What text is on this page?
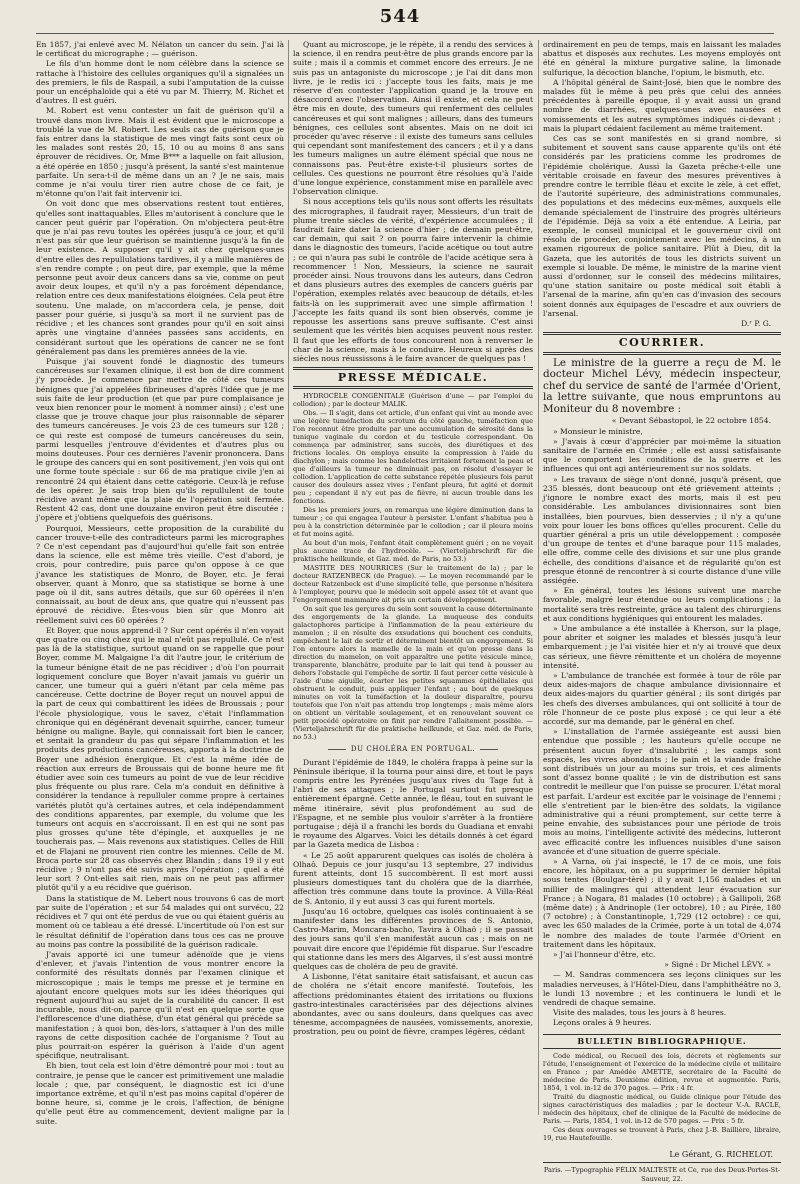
544

En 1857, j'ai enlevé avec M. Nélaton un cancer du sein. J'ai là le certificat du micrographe ; — guérison.

Le fils d'un homme dont le nom célèbre dans la science se rattache à l'histoire des cellules organiques qu'il a signalées un des premiers, le fils de Raspail, a subi l'amputation de la cuisse pour un encéphaloïde qui a été vu par M. Thierry, M. Richet et d'autres. Il est guéri.

M. Robert est venu contester un fait de guérison qu'il a trouvé dans mon livre. Mais il est évident que le microscope a troublé la vue de M. Robert. Les seuls cas de guérison que je fais entrer dans la statistique de mes vingt faits sont ceux où les malades sont restés 20, 15, 10 ou au moins 8 ans sans éprouver de récidives. Or, Mme B*** a laquelle on fait allusion, a été opérée en 1850 ; jusqu'à présent, la santé s'est maintenue parfaite. Un sera-t-il de même dans un an ? Je ne sais, mais comme je n'ai voulu tirer rien autre chose de ce fait, je m'étonne qu'on l'ait fait intervenir ici.

On voit donc que mes observations restent tout entières, qu'elles sont inattaquables. Elles m'autorisent à conclure que le cancer peut guérir par l'opération. On m'objectera peut-être que je n'ai pas revu toutes les opérées jusqu'à ce jour, et qu'il n'est pas sûr que leur guérison se maintienne jusqu'à la fin de leur existence. A supposer qu'il y ait chez quelques-unes d'entre elles des repullulations tardives, il y a mille manières de s'en rendre compte ; on peut dire, par exemple, que la même personne peut avoir deux cancers dans sa vie, comme on peut avoir deux loupes, et qu'il n'y a pas forcément dépendance, relation entre ces deux manifestations éloignées. Cela peut être soutenu. Une malade, on m'accordera cela, je pense, doit passer pour guérie, si jusqu'à sa mort il ne survient pas de récidive ; et les chances sont grandes pour qu'il en soit ainsi après une vingtaine d'années passées sans accidents, en considérant surtout que les opérations de cancer ne se font généralement pas dans les premières années de la vie.

Puisque j'ai souvent fondé le diagnostic des tumeurs cancéreuses sur l'examen clinique, il est bon de dire comment j'y procède. Je commence par mettre de côté ces tumeurs bénignes que j'ai appelées fibrineuses d'après l'idée que je me suis faite de leur production (et que par pure complaisance je veux bien renoncer pour le moment à nommer ainsi) ; c'est une classe que je trouve chaque jour plus raisonnable de séparer des tumeurs cancéreuses. Je vois 23 de ces tumeurs sur 128 ; ce qui reste est composé de tumeurs cancéreuses du sein, parmi lesquelles j'entrouve d'évidentes et d'autres plus ou moins douteuses. Pour ces dernières l'avenir prononcera. Dans le groupe des cancers qui en sont positivement, j'en vois qui ont une forme toute spéciale : sur 66 de ma pratique civile j'en ai rencontré 24 qui étaient dans cette catégorie. Ceux-là je refuse de les opérer. Je sais trop bien qu'ils repullulent de toute récidive avant même que la plaie de l'opération soit fermée. Restent 42 cas, dont une douzaine environ peut être discutée ; j'opère et j'obtiens quelquefois des guérisons.

Pourquoi, Messieurs, cette proposition de la curabilité du cancer trouve-t-elle des contradicteurs parmi les micrographes ? Ce n'est cependant pas d'aujourd'hui qu'elle fait son entrée dans la science, elle est même très vieille. C'est d'abord, je crois, pour contredire, puis parce qu'on oppose à ce que j'avance les statistiques de Monro, de Boyer, etc. Je ferai observer, quant à Monro, que sa statistique se borne à une page où il dit, sans autres détails, que sur 60 opérées il n'en connaissait, au bout de deux ans, que quatre qui n'eussent pas éprouvé de récidive. Êtes-vous bien sûr que Monro ait réellement suivi ces 60 opérées ?

Et Boyer, que nous apprend-il ? Sur cent opérés il n'en voyait que quatre ou cinq chez qui le mal n'eût pas repullulé. Ce n'est pas là de la statistique, surtout quand on se rappelle que pour Boyer, comme M. Malgaigne l'a dit l'autre jour, le critérium de la tumeur bénigne était de ne pas récidiver ; d'où l'on pourrait logiquement conclure que Boyer n'avait jamais vu guérir un cancer, une tumeur qui a guéri n'étant par cela même pas cancéreuse. Cette doctrine de Boyer reçut un nouvel appui de la part de ceux qui combattirent les idées de Broussais ; pour l'école physiologique, vous le savez, c'était l'inflammation chronique qui en dégénérant devenait squirrhe, cancer, tumeur bénigne ou maligne. Bayle, qui connaissait fort bien le cancer, et sentait la grandeur du pas qui sépare l'inflammation et les produits des productions cancéreuses, apporta à la doctrine de Boyer une adhésion énergique. Et c'est la même idée de réaction aux erreurs de Broussais qui de bonne heure me fit étudier avec soin ces tumeurs au point de vue de leur récidive plus fréquente ou plus rare. Cela m'a conduit en définitive à considérer la tendance à repulluler comme propre à certaines variétés plutôt qu'à certaines autres, et cela indépendamment des conditions apparentes, par exemple, du volume que les tumeurs ont acquis en s'accroissant. Il en est qui ne sont pas plus grosses qu'une tête d'épingle, et auxquelles je ne toucherais pas. — Mais revenons aux statistiques. Celles de Hill et de Flajani ne prouvent rien contre les miennes. Celle de M. Broca porte sur 28 cas observés chez Blandin ; dans 19 il y eut récidive ; 9 n'ont pas été suivis après l'opération ; quel a été leur sort ? Ont-elles sait rien, mais on ne peut pas affirmer plutôt qu'il y a eu récidive que guérison.

Dans la statistique de M. Lebert nous trouvons 6 cas de mort par suite de l'opération ; et sur 54 malades qui ont survécu, 22 récidives et 7 qui ont été perdus de vue ou qui étaient guéris au moment où ce tableau a été dressé. L'incertitude où l'on est sur le résultat définitif de l'opération dans tous ces cas ne prouve au moins pas contre la possibilité de la guérison radicale.

J'avais apporté ici une tumeur adénoïde que je viens d'enlever, et j'avais l'intention de vous montrer encore la conformité des résultats donnés par l'examen clinique et microscopique ; mais le temps me presse et je termine en ajoutant encore quelques mots sur les idées théoriques qui régnent aujourd'hui au sujet de la curabilité du cancer. Il est incurable, nous dit-on, parce qu'il n'est en quelque sorte que l'efflorescence d'une diathèse, d'un état général qui précède sa manifestation ; à quoi bon, dès-lors, s'attaquer à l'un des mille rayons de cette disposition cachée de l'organisme ? Tout au plus pourrait-on espérer la guérison à l'aide d'un agent spécifique, neutralisant.

Eh bien, tout cela est loin d'être démontré pour moi : tout au contraire, je pense que le cancer est primitivement une maladie locale ; que, par conséquent, le diagnostic est ici d'une importance extrême, et qu'il n'est pas moins capital d'opérer de bonne heure, si, comme je le crois, l'affection, de bénigne qu'elle peut être au commencement, devient maligne par la suite.

Quant au microscope, je le répète, il a rendu des services à la science, il en rendra peut-être de plus grands encore par la suite ; mais il a commis et commet encore des erreurs. Je ne suis pas un antagoniste du microscope ; je l'ai dit dans mon livre, je le redis ici : j'accepte tous les faits, mais je me réserve d'en contester l'application quand je la trouve en désaccord avec l'observation. Ainsi il existe, et cela ne peut être mis en doute, des tumeurs qui renferment des cellules cancéreuses et qui sont malignes ; ailleurs, dans des tumeurs bénignes, ces cellules sont absentes. Mais on ne doit ici procéder qu'avec réserve : il existe des tumeurs sans cellules qui cependant sont manifestement des cancers ; et il y a dans les tumeurs malignes un autre élément spécial que nous ne connaissons pas. Peut-être existe-t-il plusieurs sortes de cellules. Ces questions ne pourront être résolues qu'à l'aide d'une longue expérience, constamment mise en parallèle avec l'observation clinique.

Si nous acceptions tels qu'ils nous sont offerts les résultats des micrographes, il faudrait rayer, Messieurs, d'un trait de plume trente siècles de vérité, d'expérience accumulées ; il faudrait faire dater la science d'hier ; de demain peut-être, car demain, qui sait ? on pourra faire intervenir la chimie dans le diagnostic des tumeurs, l'acide acétique ou tout autre ; ce qui n'aura pas subi le contrôle de l'acide acétique sera à recommencer ! Non, Messieurs, la science ne saurait procéder ainsi. Nous trouvons dans les auteurs, dans Cedron et dans plusieurs autres des exemples de cancers guéris par l'opération, exemples relatés avec beaucoup de détails, et-les faits-là on les supprimerait avec une simple affirmation ! J'accepte les faits quand ils sont bien observés, comme je repousse les assertions sans preuve suffisante. C'est ainsi seulement que les vérités bien acquises peuvent nous rester. Il faut que les efforts de tous concourent non à renverser le char de la science, mais à le conduire. Heureux si après des siècles nous réussissons à le faire avancer de quelques pas !

PRESSE MÉDICALE.

HYDROCÈLE CONGÉNITALE (Guérison d'une — par l'emploi du collodion) ; par le docteur MALIK.

Obs. — Il s'agit, dans cet article, d'un enfant qui vint au monde avec une légère tuméfaction du scrotum du côté gauche, tuméfaction que l'on reconnut être produite par une accumulation de sérosité dans la tunique vaginale du cordon et du testicule correspondant. On commença par administrer, sans succès, des diurétiques et des frictions locales. On employa ensuite la compression à l'aide du diachylon ; mais comme les bandelettes irritaient fortement la peau et que d'ailleurs la tumeur ne diminuait pas, on résolut d'essayer le collodion. L'application de cette substance répétée plusieurs fois parut causer des douleurs assez vives ; l'enfant pleura, fut agité et dormit peu ; cependant il n'y eut pas de fièvre, ni aucun trouble dans les fonctions.

Dès les premiers jours, on remarqua une légère diminution dans la tumeur ; ce qui engagea l'auteur à persister. L'enfant s'habitua peu à peu à la constriction déterminée par le collodion ; car il pleura moins et fut moins agité.

Au bout d'un mois, l'enfant était complètement guéri ; on ne voyait plus aucune trace de l'hydrocèle. — (Vierteljahrschrift für die praktische heilkunde, et Gaz. méd. de Paris, no 53.)

MASTITE DES NOURRICES (Sur le traitement de la) ; par le docteur RATZENBECK (de Prague). — Le moyen recommandé par le docteur Ratzenbeck est d'une simplicité telle, que personne n'hésitera à l'employer, pourvu que le médecin soit appelé assez tôt et avant que l'engorgement mammaire ait pris un certain développement.

On sait que les gerçures du sein sont souvent la cause déterminante des engorgements de la glande. La muqueuse des conduits galactophores participe à l'inflammation de la peau extérieure du mamelon ; il en résulte des exsudations qui bouchent ces conduits, empêchent le lait de sortir et déterminent bientôt un engorgement. Si l'on entoure alors la mamelle de la main et qu'on presse dans la direction du mamelon, on voit apparaître une petite vésicule mince, transparente, blanchâtre, produite par le lait qui tend à pousser au dehors l'obstacle qui l'empêche de sortir. Il faut percer cette vésicule à l'aide d'une aiguille, écarter les petites squammes épithéliales qui obstruent le conduit, puis appliquer l'enfant ; au bout de quelques minutes on voit la tuméfaction et la douleur disparaître, pourvu toutefois que l'on n'ait pas attendu trop longtemps ; mais même alors on obtient un véritable soulagement, et en renouvelant souvent ce petit procédé opératoire on finit par rendre l'allaitement possible. — (Vierteljahrschrift für die praktische heilkunde, et Gaz. méd. de Paris, no 53.)

DU CHOLÉRA EN PORTUGAL.

Durant l'épidémie de 1849, le choléra frappa à peine sur la Péninsule ibérique, il la tourna pour ainsi dire, et tout le pays compris entre les Pyrénées jusqu'aux rives du Tage fut à l'abri de ses attaques ; le Portugal surtout fut presque entièrement épargné. Cette année, le fléau, tout en suivant le même itinéraire, sévit plus profondément au sud de l'Espagne, et ne semble plus vouloir s'arrêter à la frontière portugaise ; déjà il a franchi les bords du Guadiana et envahi le royaume des Algarves. Voici les détails donnés à cet égard par la Gazeta medica de Lisboa :

« Le 25 août apparurent quelques cas isolés de choléra à Olhaô. Depuis ce jour jusqu'au 13 septembre, 27 individus furent atteints, dont 15 succombèrent. Il est mort aussi plusieurs domestiques tant du choléra que de la diarrhée, affection très commune dans toute la province. A Villa-Réal de S. Antonio, il y eut aussi 3 cas qui furent mortels.

Jusqu'au 16 octobre, quelques cas isolés continuaient à se manifester dans les différentes provinces de S. Antonio, Castro-Marim, Moncara-bacho, Tavira à Olhaô ; il se passait des jours sans qu'il s'en manifestât aucun cas ; mais on ne pouvait dire encore que l'épidémie fût disparue. Sur l'escadre qui stationne dans les mers des Algarves, il s'est aussi montré quelques cas de choléra de peu de gravité.

A Lisbonne, l'état sanitaire était satisfaisant, et aucun cas de choléra ne s'était encore manifesté. Toutefois, les affections prédominantes étaient des irritations ou fluxions gastro-intestinales caractérisées par des déjections alvines abondantes, avec ou sans douleurs, dans quelques cas avec ténesme, accompagnées de nausées, vomissements, anorexie, prostration, peu ou point de fièvre, crampes légères, cédant

ordinairement en peu de temps, mais en laissant les malades abattus et disposés aux rechutes. Les moyens employés ont été en général la mixture purgative saline, la limonade sulfurique, la décoction blanche, l'opium, le bismuth, etc.

A l'hôpital général de Saint-José, bien que le nombre des malades fût le même à peu près que celui des années précédentes à pareille époque, il y avait aussi un grand nombre de diarrhées, quelques-unes avec nausées et vomissements et les autres symptômes indiqués ci-devant ; mais la plupart cédaient facilement au même traitement.

Ces cas se sont manifestés en si grand nombre, si subitement et souvent sans cause apparente qu'ils ont été considérés par les praticiens comme les prodromes de l'épidémie cholérique. Aussi la Gazeta prêche-t-elle une véritable croisade en faveur des mesures préventives à prendre contre le terrible fléau et excite le zèle, à cet effet, de l'autorité supérieure, des administrations communales, des populations et des médecins eux-mêmes, auxquels elle demande spécialement de l'instruire des progrès ultérieurs de l'épidémie. Déjà sa voix a été entendue. A Leiria, par exemple, le conseil municipal et le gouverneur civil ont résolu de procéder, conjointement avec les médecins, à un examen rigoureux de police sanitaire. Plût à Dieu, dit la Gazeta, que les autorités de tous les districts suivent un exemple si louable. De même, le ministre de la marine vient aussi d'ordonner, sur le conseil des médecins militaires, qu'une station sanitaire ou poste médical soit établi à l'arsenal de la marine, afin qu'en cas d'invasion des secours soient donnés aux équipages de l'escadre et aux ouvriers de l'arsenal.

D.ʳ P. G.
COURRIER.

Le ministre de la guerre a reçu de M. le docteur Michel Lévy, médecin inspecteur, chef du service de santé de l'armée d'Orient, la lettre suivante, que nous empruntons au Moniteur du 8 novembre :

« Devant Sébastopol, le 22 octobre 1854.

» Monsieur le ministre,

» J'avais à cœur d'apprécier par moi-même la situation sanitaire de l'armée en Crimée ; elle est aussi satisfaisante que le comportent les conditions de la guerre et les influences qui ont agi antérieurement sur nos soldats.

» Les travaux de siège n'ont donné, jusqu'à présent, que 235 blessés, dont beaucoup ont été grièvement atteints ; j'ignore le nombre exact des morts, mais il est peu considérable. Les ambulances divisionnaires sont bien installées, bien pourvues, bien desservies ; il n'y a qu'une voix pour louer les bons offices qu'elles procurent. Celle du quartier général a pris un utile développement : composée d'un groupe de tentes et d'une baraque pour 115 malades, elle offre, comme celle des divisions et sur une plus grande échelle, des conditions d'aisance et de régularité qu'on est presque étonné de rencontrer à si courte distance d'une ville assiégée.

» En général, toutes les lésions suivent une marche favorable, malgré leur étendue ou leurs complications ; la mortalité sera très restreinte, grâce au talent des chirurgiens et aux conditions hygiéniques qui entourent les malades.

» Une ambulance a été installée à Kherson, sur la plage, pour abriter et soigner les malades et blessés jusqu'à leur embarquement ; je l'ai visitée hier et n'y ai trouvé que deux cas sérieux, une fièvre rémittente et un choléra de moyenne intensité.

» L'ambulance de tranchée est formée à tour de rôle par deux aides-majors de chaque ambulance divisionnaire et deux aides-majors du quartier général ; ils sont dirigés par les chefs des diverses ambulances, qui ont sollicité à tour de rôle l'honneur de ce poste plus exposé ; ce qui leur a été accordé, sur ma demande, par le général en chef.

» L'installation de l'armée assiégeante est aussi bien entendue que possible ; les hauteurs qu'elle occupe ne présentent aucun foyer d'insalubrité ; les camps sont espacés, les vivres abondants ; le pain et la viande fraîche sont distribués un jour au moins sur trois, et ces aliments sont d'assez bonne qualité ; le vin de distribution est sans contredit le meilleur que l'on puisse se procurer. L'état moral est parfait. L'ardeur est excitée par le voisinage de l'ennemi ; elle s'entretient par le bien-être des soldats, la vigilance administrative qui a réuni promptement, sur cette terre à peine envahie, des subsistances pour une période de trois mois au moins, l'intelligente activité des médecins, lutteront avec efficacité contre les influences nuisibles d'une saison avancée et d'une situation de guerre spéciale.

» A Varna, où j'ai inspecté, le 17 de ce mois, une fois encore, les hôpitaux, on a pu supprimer le dernier hôpital sous tentes (Boulgar-tèrè) ; il y avait 1,156 malades et un millier de malingres qui attendent leur évacuation sur France ; à Nogara, 81 malades (10 octobre) ; à Gallipoli, 268 (même date) ; à Andrinople (1er octobre), 10 ; au Pirée, 180 (7 octobre) ; à Constantinople, 1,729 (12 octobre) : ce qui, avec les 650 malades de la Crimée, porte à un total de 4,074 le nombre des malades de toute l'armée d'Orient en traitement dans les hôpitaux.

» J'ai l'honneur d'être, etc.

» Signé : Dr Michel LÉVY. »

— M. Sandras commencera ses leçons cliniques sur les maladies nerveuses, à l'Hôtel-Dieu, dans l'amphithéâtre no 3, le lundi 13 novembre ; et les continuera le lundi et le vendredi de chaque semaine.

Visite des malades, tous les jours à 8 heures.

Leçons orales à 9 heures.

BULLETIN BIBLIOGRAPHIQUE.

Code médical, ou Recueil des lois, décrets et règlements sur l'étude, l'enseignement et l'exercice de la médecine civile et militaire en France ; par Amédée AMETTE, secrétaire de la Faculté de médecine de Paris. Deuxième édition, revue et augmentée. Paris, 1854, 1 vol. in-12 de 370 pages. — Prix : 4 fr.

Traité du diagnostic médical, ou Guide clinique pour l'étude des signes caractéristiques des maladies ; par le docteur V.-A. RACLE, médecin des hôpitaux, chef de clinique de la Faculté de médecine de Paris. — Paris, 1854, 1 vol. in-12 de 570 pages. — Prix : 5 fr.

Ces deux ouvrages se trouvent à Paris, chez J.-B. Baillière, libraire, 19, rue Hautefeuille.

Le Gérant, G. RICHELOT.
Paris. —Typographie FÉLIX MALTESTE et Ce, rue des Deux-Portes-St-Sauveur, 22.
